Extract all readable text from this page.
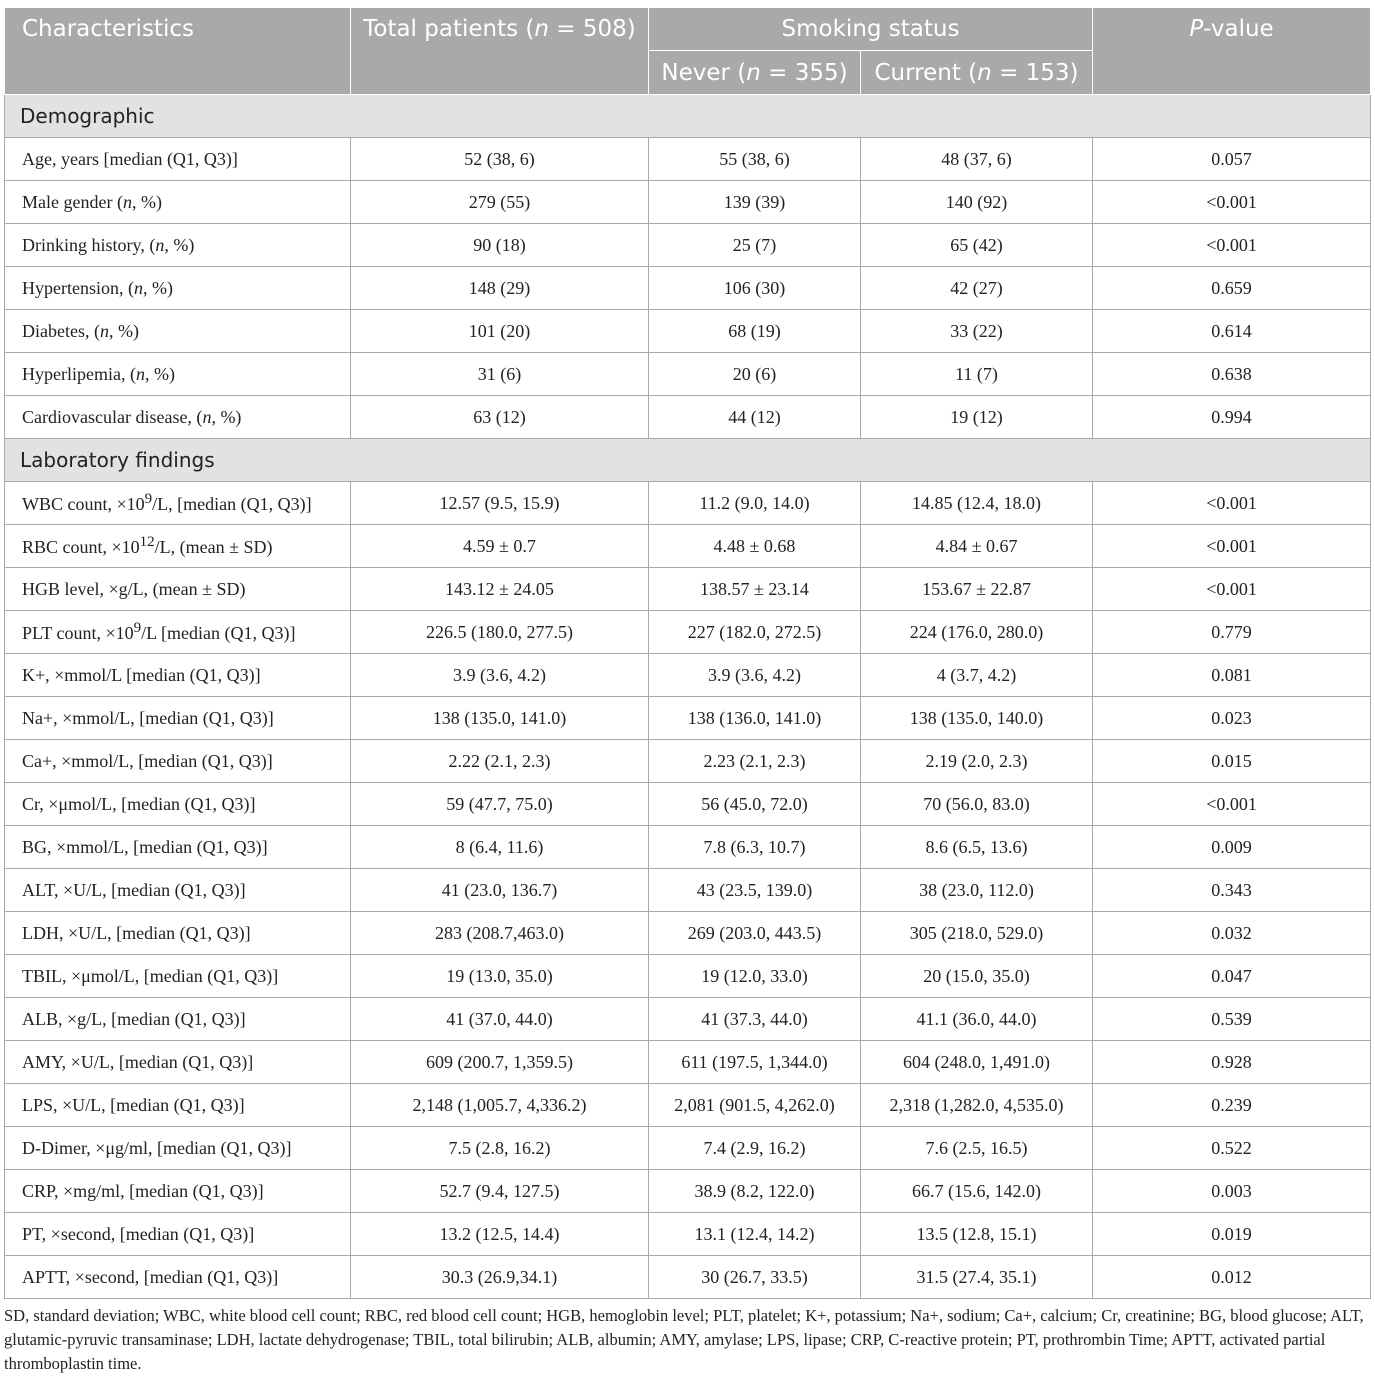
Characteristics	Total patients (n = 508)	Smoking status		P-value
		Never (n = 355)	Current (n = 153)	
Demographic				
Age, years [median (Q1, Q3)]	52 (38, 6)	55 (38, 6)	48 (37, 6)	0.057
Male gender (n, %)	279 (55)	139 (39)	140 (92)	<0.001
Drinking history, (n, %)	90 (18)	25 (7)	65 (42)	<0.001
Hypertension, (n, %)	148 (29)	106 (30)	42 (27)	0.659
Diabetes, (n, %)	101 (20)	68 (19)	33 (22)	0.614
Hyperlipemia, (n, %)	31 (6)	20 (6)	11 (7)	0.638
Cardiovascular disease, (n, %)	63 (12)	44 (12)	19 (12)	0.994
Laboratory findings				
WBC count, $\times 10^9/L$, [median (Q1, Q3)]	12.57 (9.5, 15.9)	11.2 (9.0, 14.0)	14.85 (12.4, 18.0)	<0.001
RBC count, $\times 10^{12}/L$, (mean ± SD)	4.59 ± 0.7	4.48 ± 0.68	4.84 ± 0.67	<0.001
HGB level, ×g/L, (mean ± SD)	143.12 ± 24.05	138.57 ± 23.14	153.67 ± 22.87	<0.001
PLT count, $\times 10^9/L$ [median (Q1, Q3)]	226.5 (180.0, 277.5)	227 (182.0, 272.5)	224 (176.0, 280.0)	0.779
K+, ×mmol/L [median (Q1, Q3)]	3.9 (3.6, 4.2)	3.9 (3.6, 4.2)	4 (3.7, 4.2)	0.081
Na+, ×mmol/L, [median (Q1, Q3)]	138 (135.0, 141.0)	138 (136.0, 141.0)	138 (135.0, 140.0)	0.023
Ca+, ×mmol/L, [median (Q1, Q3)]	2.22 (2.1, 2.3)	2.23 (2.1, 2.3)	2.19 (2.0, 2.3)	0.015
Cr, ×μmol/L, [median (Q1, Q3)]	59 (47.7, 75.0)	56 (45.0, 72.0)	70 (56.0, 83.0)	<0.001
BG, ×mmol/L, [median (Q1, Q3)]	8 (6.4, 11.6)	7.8 (6.3, 10.7)	8.6 (6.5, 13.6)	0.009
ALT, ×U/L, [median (Q1, Q3)]	41 (23.0, 136.7)	43 (23.5, 139.0)	38 (23.0, 112.0)	0.343
LDH, ×U/L, [median (Q1, Q3)]	283 (208.7,463.0)	269 (203.0, 443.5)	305 (218.0, 529.0)	0.032
TBIL, ×μmol/L, [median (Q1, Q3)]	19 (13.0, 35.0)	19 (12.0, 33.0)	20 (15.0, 35.0)	0.047
ALB, ×g/L, [median (Q1, Q3)]	41 (37.0, 44.0)	41 (37.3, 44.0)	41.1 (36.0, 44.0)	0.539
AMY, ×U/L, [median (Q1, Q3)]	609 (200.7, 1,359.5)	611 (197.5, 1,344.0)	604 (248.0, 1,491.0)	0.928
LPS, ×U/L, [median (Q1, Q3)]	2,148 (1,005.7, 4,336.2)	2,081 (901.5, 4,262.0)	2,318 (1,282.0, 4,535.0)	0.239
D-Dimer, ×μg/ml, [median (Q1, Q3)]	7.5 (2.8, 16.2)	7.4 (2.9, 16.2)	7.6 (2.5, 16.5)	0.522
CRP, ×mg/ml, [median (Q1, Q3)]	52.7 (9.4, 127.5)	38.9 (8.2, 122.0)	66.7 (15.6, 142.0)	0.003
PT, ×second, [median (Q1, Q3)]	13.2 (12.5, 14.4)	13.1 (12.4, 14.2)	13.5 (12.8, 15.1)	0.019
APTT, ×second, [median (Q1, Q3)]	30.3 (26.9,34.1)	30 (26.7, 33.5)	31.5 (27.4, 35.1)	0.012
SD, standard deviation; WBC, white blood cell count; RBC, red blood cell count; HGB, hemoglobin level; PLT, platelet; K+, potassium; Na+, sodium; Ca+, calcium; Cr, creatinine; BG, blood glucose; ALT, glutamic-pyruvic transaminase; LDH, lactate dehydrogenase; TBIL, total bilirubin; ALB, albumin; AMY, amylase; LPS, lipase; CRP, C-reactive protein; PT, prothrombin Time; APTT, activated partial thromboplastin time.
